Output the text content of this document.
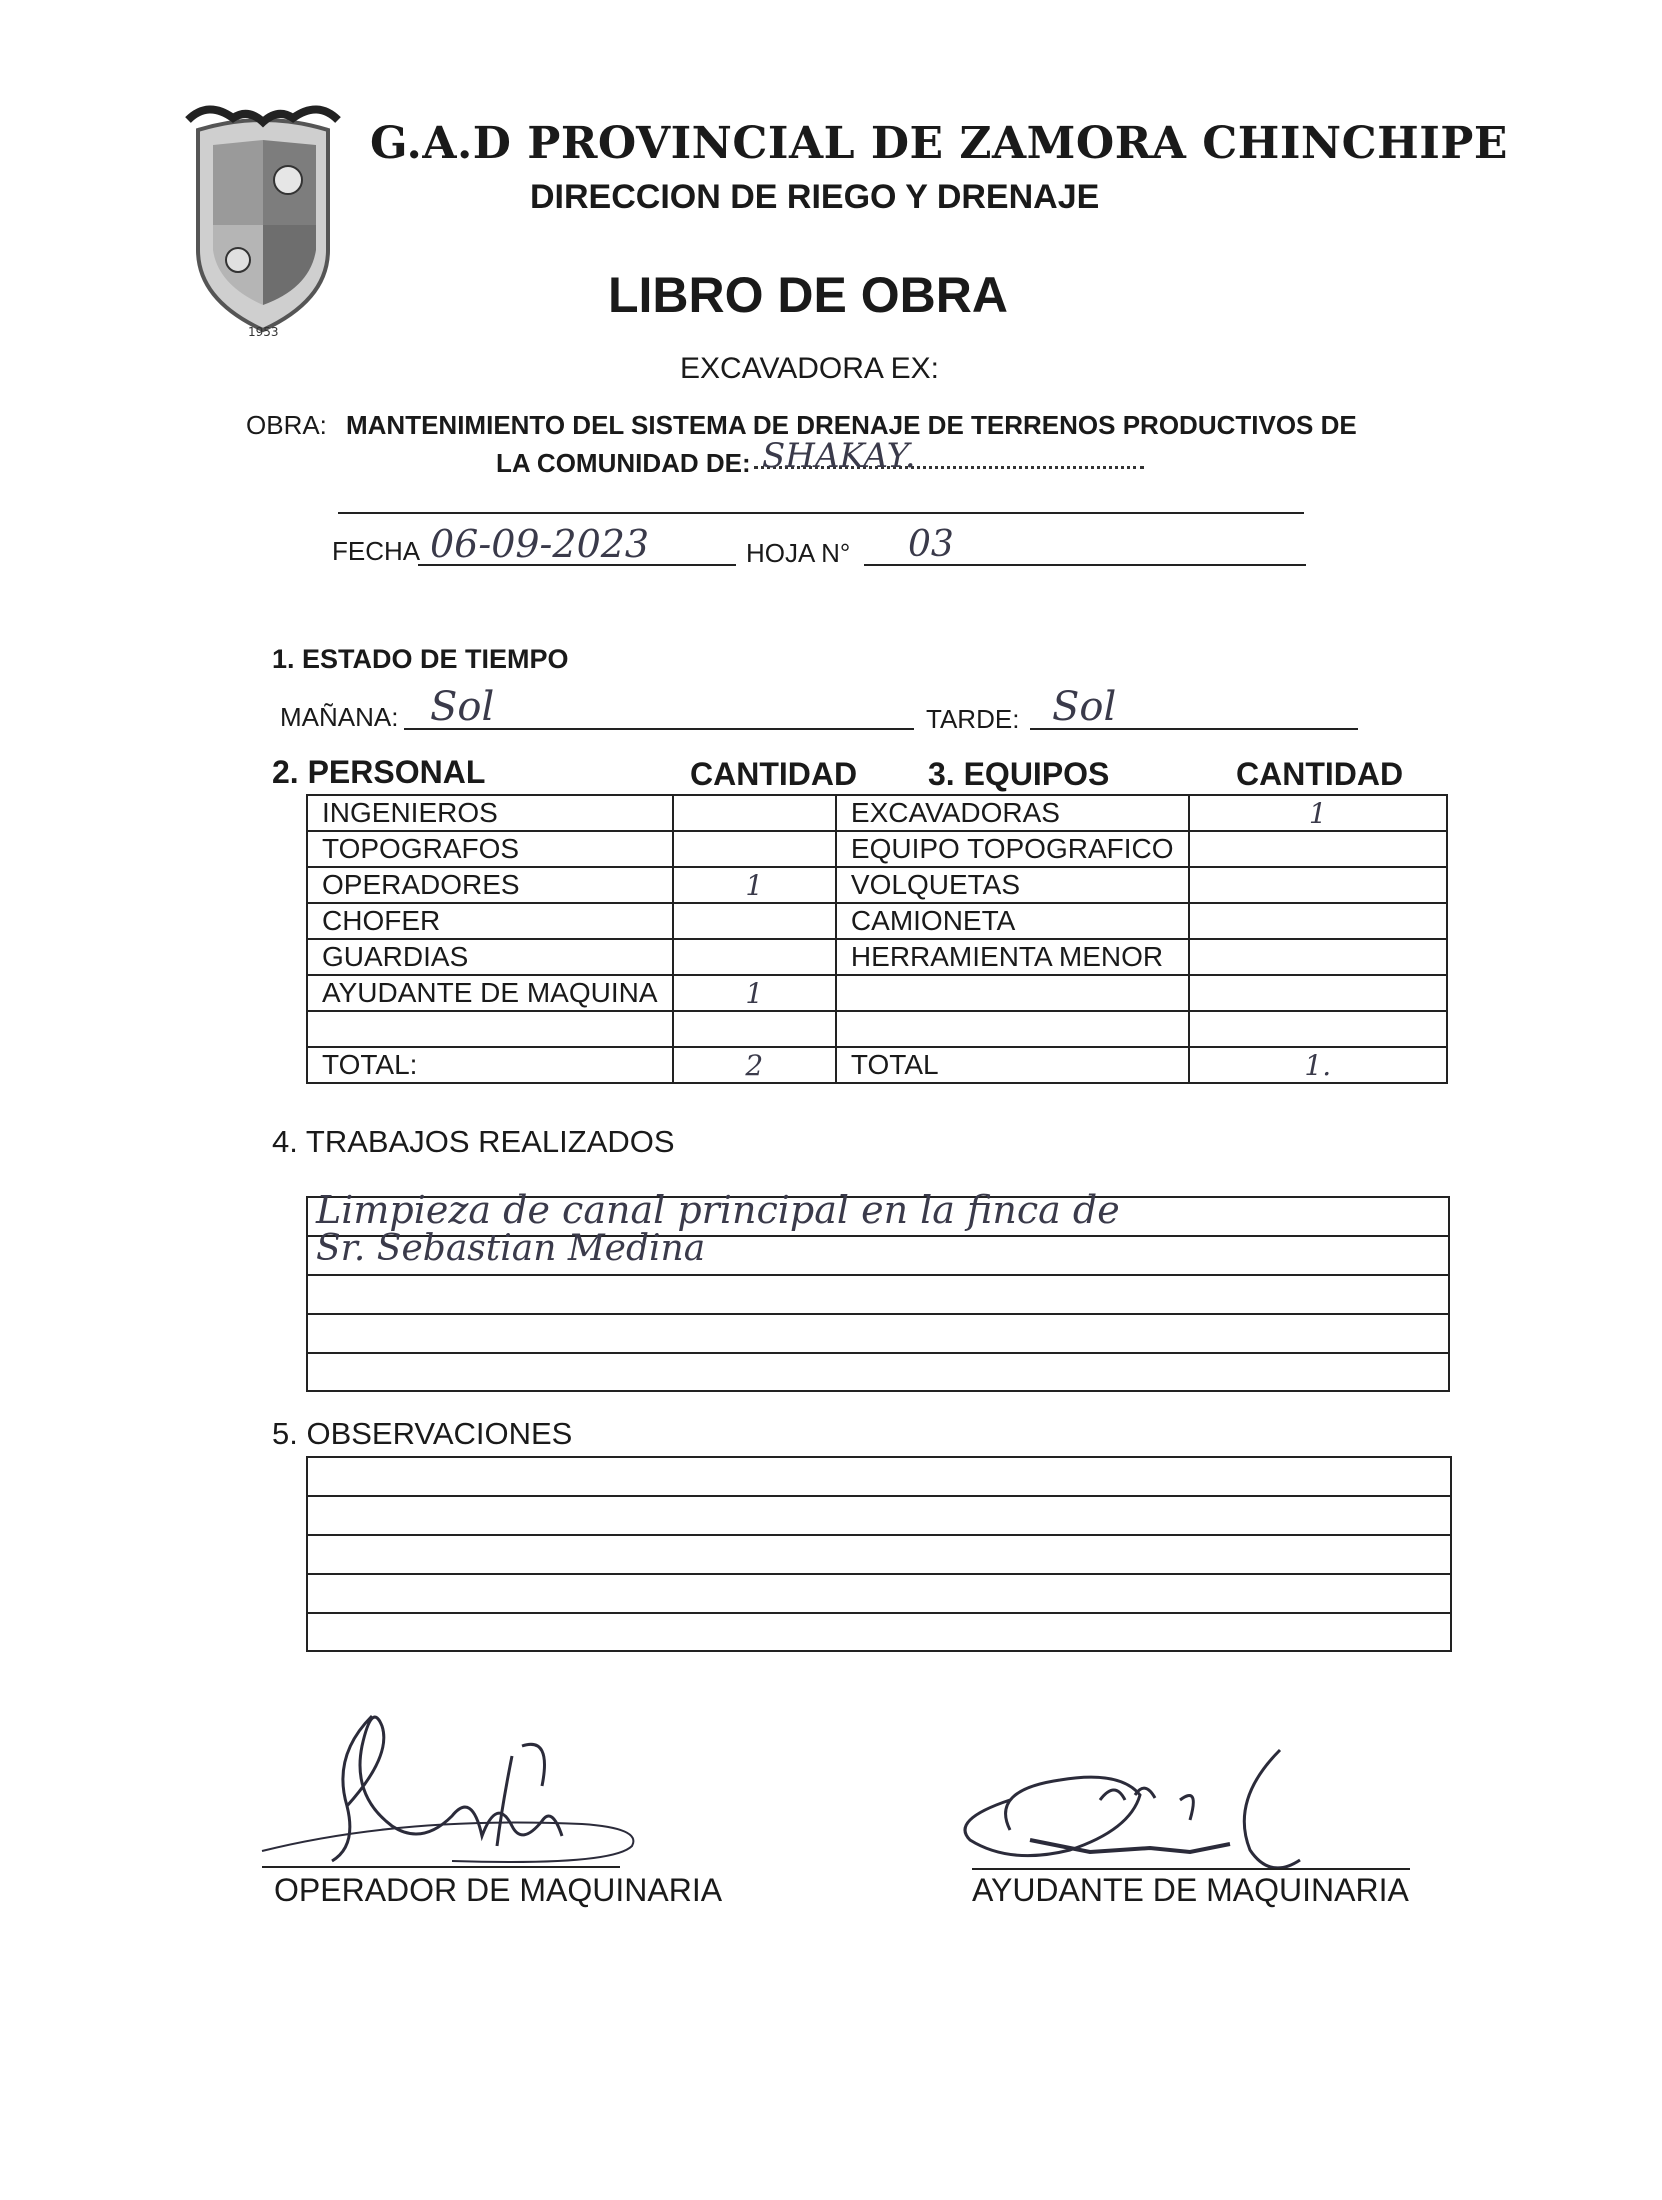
1953
G.A.D PROVINCIAL DE ZAMORA CHINCHIPE
DIRECCION DE RIEGO Y DRENAJE
LIBRO DE OBRA
EXCAVADORA EX:
OBRA: MANTENIMIENTO DEL SISTEMA DE DRENAJE DE TERRENOS PRODUCTIVOS DE
LA COMUNIDAD DE: SHAKAY.
FECHA 06-09-2023	HOJA N° 03
1. ESTADO DE TIEMPO
MAÑANA: Sol	TARDE: Sol
2. PERSONAL	CANTIDAD 3. EQUIPOS	CANTIDAD
INGENIEROS		EXCAVADORAS	1
TOPOGRAFOS		EQUIPO TOPOGRAFICO	
OPERADORES	1	VOLQUETAS	
CHOFER		CAMIONETA	
GUARDIAS		HERRAMIENTA MENOR	
AYUDANTE DE MAQUINA	1		

TOTAL:	2	TOTAL	1.
4. TRABAJOS REALIZADOS
Limpieza de canal principal en la finca de
Sr. Sebastian Medina
5. OBSERVACIONES
OPERADOR DE MAQUINARIA	AYUDANTE DE MAQUINARIA
